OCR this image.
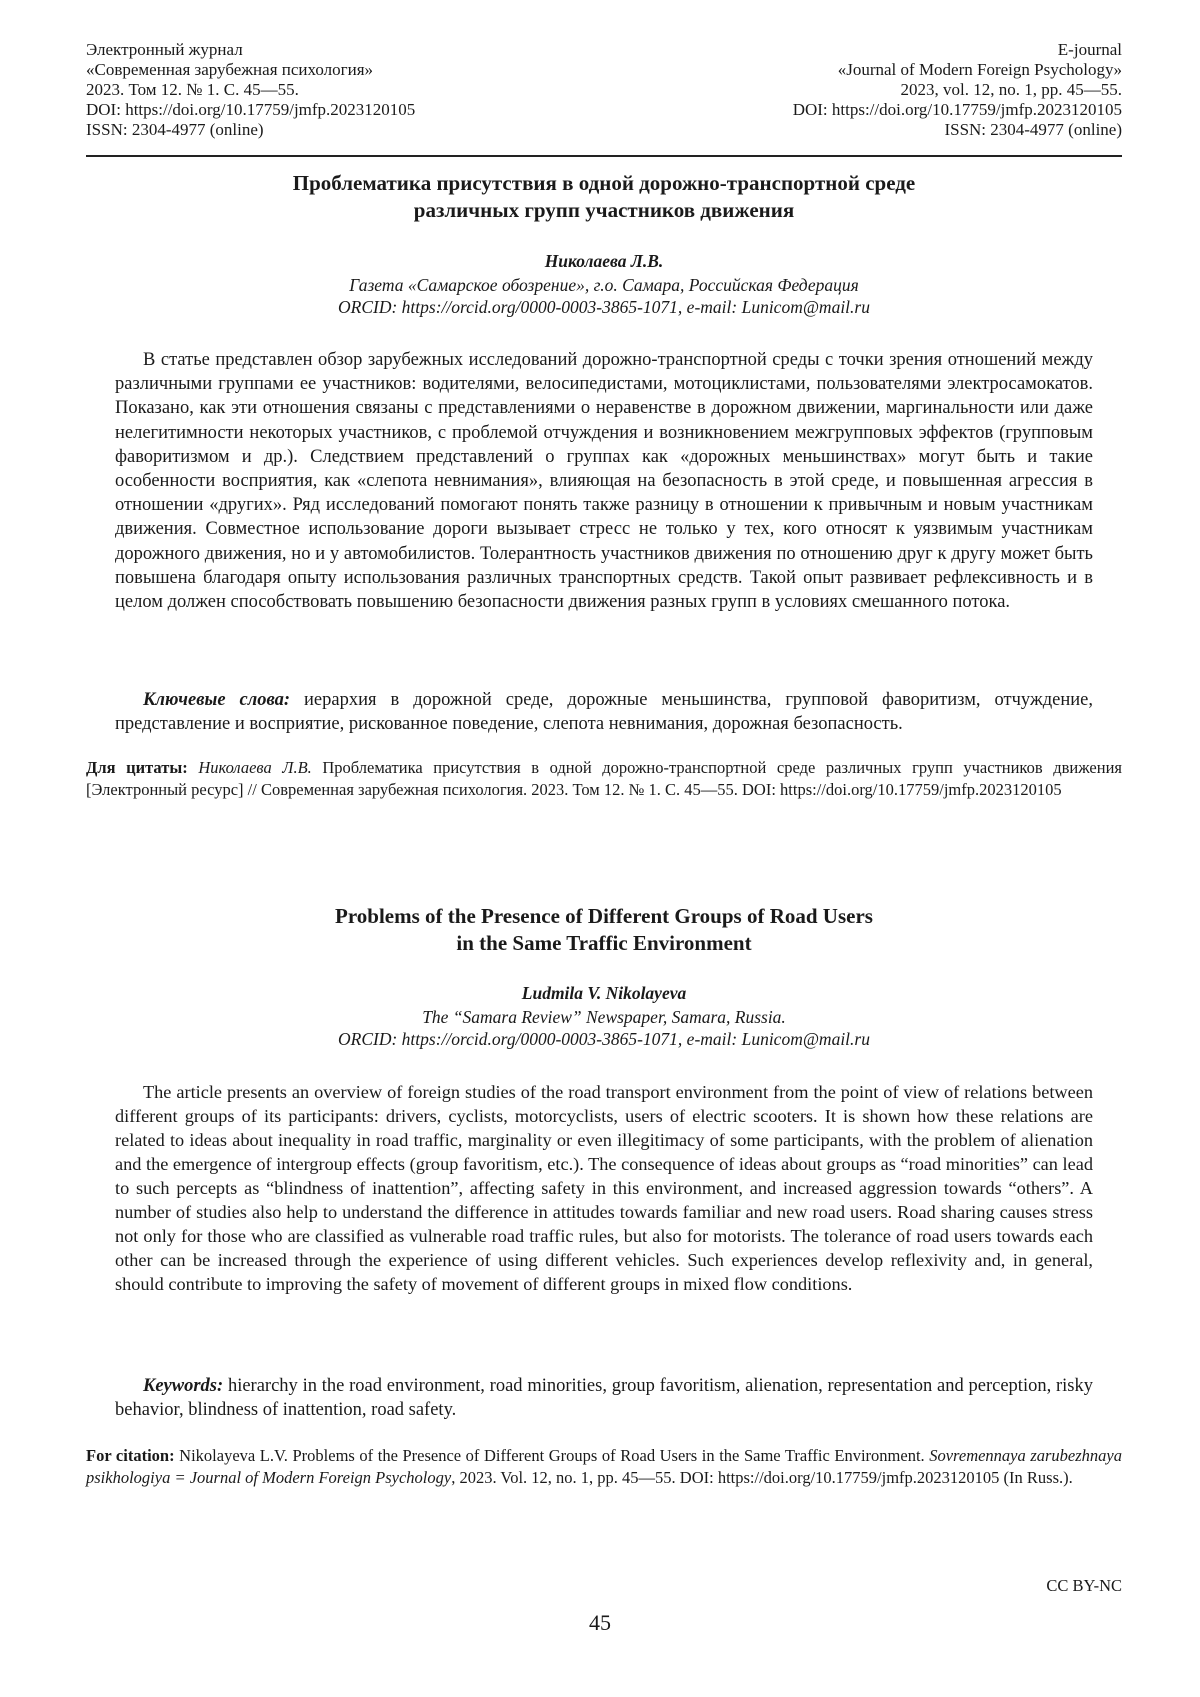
Электронный журнал
«Современная зарубежная психология»
2023. Том 12. № 1. С. 45—55.
DOI: https://doi.org/10.17759/jmfp.2023120105
ISSN: 2304-4977 (online)
E-journal
«Journal of Modern Foreign Psychology»
2023, vol. 12, no. 1, pp. 45—55.
DOI: https://doi.org/10.17759/jmfp.2023120105
ISSN: 2304-4977 (online)
Проблематика присутствия в одной дорожно-транспортной среде
различных групп участников движения
Николаева Л.В.
Газета «Самарское обозрение», г.о. Самара, Российская Федерация
ORCID: https://orcid.org/0000-0003-3865-1071, e-mail: Lunicom@mail.ru

В статье представлен обзор зарубежных исследований дорожно-транспортной среды с точки зрения отношений между различными группами ее участников: водителями, велосипедистами, мотоциклистами, пользователями электросамокатов. Показано, как эти отношения связаны с представлениями о неравенстве в дорожном движении, маргинальности или даже нелегитимности некоторых участников, с проблемой отчуждения и возникновением межгрупповых эффектов (групповым фаворитизмом и др.). Следствием представлений о группах как «дорожных меньшинствах» могут быть и такие особенности восприятия, как «слепота невнимания», влияющая на безопасность в этой среде, и повышенная агрессия в отношении «других». Ряд исследований помогают понять также разницу в отношении к привычным и новым участникам движения. Совместное использование дороги вызывает стресс не только у тех, кого относят к уязвимым участникам дорожного движения, но и у автомобилистов. Толерантность участников движения по отношению друг к другу может быть повышена благодаря опыту использования различных транспортных средств. Такой опыт развивает рефлексивность и в целом должен способствовать повышению безопасности движения разных групп в условиях смешанного потока.

Ключевые слова: иерархия в дорожной среде, дорожные меньшинства, групповой фаворитизм, отчуждение, представление и восприятие, рискованное поведение, слепота невнимания, дорожная безопасность.

Для цитаты: Николаева Л.В. Проблематика присутствия в одной дорожно-транспортной среде различных групп участников движения [Электронный ресурс] // Современная зарубежная психология. 2023. Том 12. № 1. С. 45—55. DOI: https://doi.org/10.17759/jmfp.2023120105

Problems of the Presence of Different Groups of Road Users
in the Same Traffic Environment
Ludmila V. Nikolayeva
The “Samara Review” Newspaper, Samara, Russia.
ORCID: https://orcid.org/0000-0003-3865-1071, e-mail: Lunicom@mail.ru

The article presents an overview of foreign studies of the road transport environment from the point of view of relations between different groups of its participants: drivers, cyclists, motorcyclists, users of electric scooters. It is shown how these relations are related to ideas about inequality in road traffic, marginality or even illegitimacy of some participants, with the problem of alienation and the emergence of intergroup effects (group favoritism, etc.). The consequence of ideas about groups as “road minorities” can lead to such percepts as “blindness of inattention”, affecting safety in this environment, and increased aggression towards “others”. A number of studies also help to understand the difference in attitudes towards familiar and new road users. Road sharing causes stress not only for those who are classified as vulnerable road traffic rules, but also for motorists. The tolerance of road users towards each other can be increased through the experience of using different vehicles. Such experiences develop reflexivity and, in general, should contribute to improving the safety of movement of different groups in mixed flow conditions.

Keywords: hierarchy in the road environment, road minorities, group favoritism, alienation, representation and perception, risky behavior, blindness of inattention, road safety.

For citation: Nikolayeva L.V. Problems of the Presence of Different Groups of Road Users in the Same Traffic Environment. Sovremennaya zarubezhnaya psikhologiya = Journal of Modern Foreign Psychology, 2023. Vol. 12, no. 1, pp. 45—55. DOI: https://doi.org/10.17759/jmfp.2023120105 (In Russ.).

CC BY-NC
45
